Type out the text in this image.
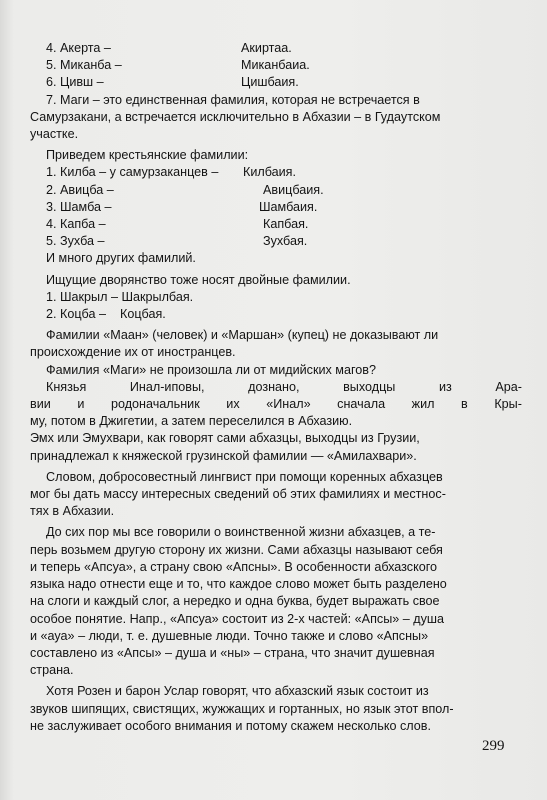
4. Акерта –	Акиртаа.
5. Миканба –	Миканбаиа.
6. Цивш –	Цишбаия.
7. Маги – это единственная фамилия, которая не встречается в
Самурзакани, а встречается исключительно в Абхазии – в Гудаутском
участке.
Приведем крестьянские фамилии:
1. Килба – у самурзаканцев – Килбаия.
2. Авицба –	Авицбаия.
3. Шамба –	Шамбаия.
4. Капба –	Капбая.
5. Зухба –	Зухбая.
И много других фамилий.
Ищущие дворянство тоже носят двойные фамилии.
1. Шакрыл – Шакрылбая.
2. Коцба –    Коцбая.
Фамилии «Маан» (человек) и «Маршан» (купец) не доказывают ли
происхождение их от иностранцев.
Фамилия «Маги» не произошла ли от мидийских магов?
Князья	Инал-иповы,	дознано,	выходцы	из	Ара-
вии и родоначальник их «Инал» сначала жил в Кры-
му, потом в Джигетии, а затем переселился в Абхазию.
Эмх или Эмухвари, как говорят сами абхазцы, выходцы из Грузии,
принадлежал к княжеской грузинской фамилии — «Амилахвари».
Словом, добросовестный лингвист при помощи коренных абхазцев
мог бы дать массу интересных сведений об этих фамилиях и местнос-
тях в Абхазии.
До сих пор мы все говорили о воинственной жизни абхазцев, а те-
перь возьмем другую сторону их жизни. Сами абхазцы называют себя
и теперь «Апсуа», а страну свою «Апсны». В особенности абхазского
языка надо отнести еще и то, что каждое слово может быть разделено
на слоги и каждый слог, а нередко и одна буква, будет выражать свое
особое понятие. Напр., «Апсуа» состоит из 2-х частей: «Апсы» – душа
и «ауа» – люди, т. е. душевные люди. Точно также и слово «Апсны»
составлено из «Апсы» – душа и «ны» – страна, что значит душевная
страна.
Хотя Розен и барон Услар говорят, что абхазский язык состоит из
звуков шипящих, свистящих, жужжащих и гортанных, но язык этот впол-
не заслуживает особого внимания и потому скажем несколько слов.
299
